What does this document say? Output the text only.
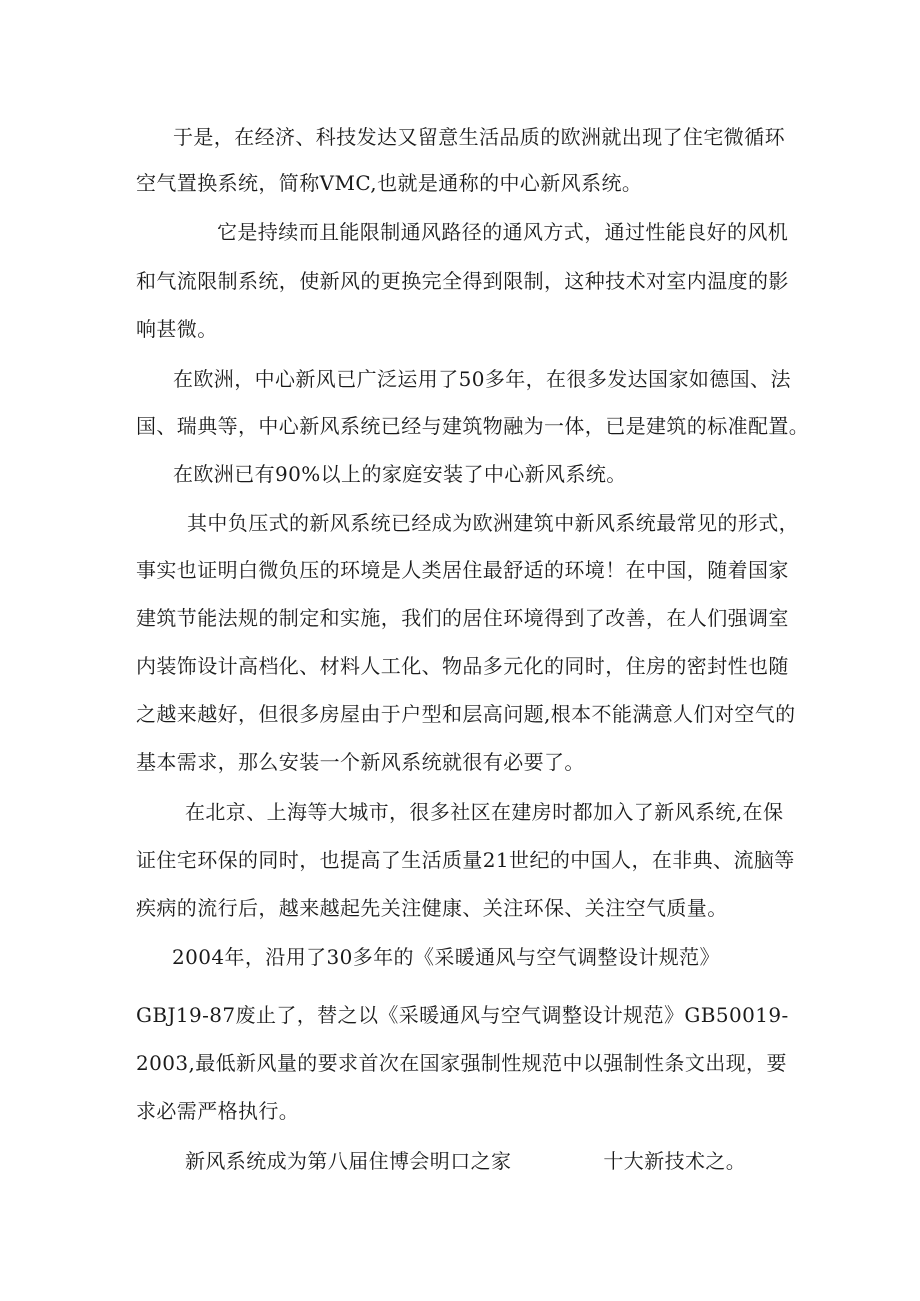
于是，在经济、科技发达又留意生活品质的欧洲就出现了住宅微循环
空气置换系统，简称VMC,也就是通称的中心新风系统。
它是持续而且能限制通风路径的通风方式，通过性能良好的风机
和气流限制系统，使新风的更换完全得到限制，这种技术对室内温度的影
响甚微。
在欧洲，中心新风已广泛运用了50多年，在很多发达国家如德国、法
国、瑞典等，中心新风系统已经与建筑物融为一体，已是建筑的标准配置。
在欧洲已有90%以上的家庭安装了中心新风系统。
其中负压式的新风系统已经成为欧洲建筑中新风系统最常见的形式，
事实也证明白微负压的环境是人类居住最舒适的环境！在中国，随着国家
建筑节能法规的制定和实施，我们的居住环境得到了改善，在人们强调室
内装饰设计高档化、材料人工化、物品多元化的同时，住房的密封性也随
之越来越好，但很多房屋由于户型和层高问题,根本不能满意人们对空气的
基本需求，那么安装一个新风系统就很有必要了。
在北京、上海等大城市，很多社区在建房时都加入了新风系统,在保
证住宅环保的同时，也提高了生活质量21世纪的中国人，在非典、流脑等
疾病的流行后，越来越起先关注健康、关注环保、关注空气质量。
2004年，沿用了30多年的《采暖通风与空气调整设计规范》
GBJ19-87废止了，替之以《采暖通风与空气调整设计规范》GB50019-
2003,最低新风量的要求首次在国家强制性规范中以强制性条文出现，要
求必需严格执行。
新风系统成为第八届住博会明口之家	十大新技术之。
